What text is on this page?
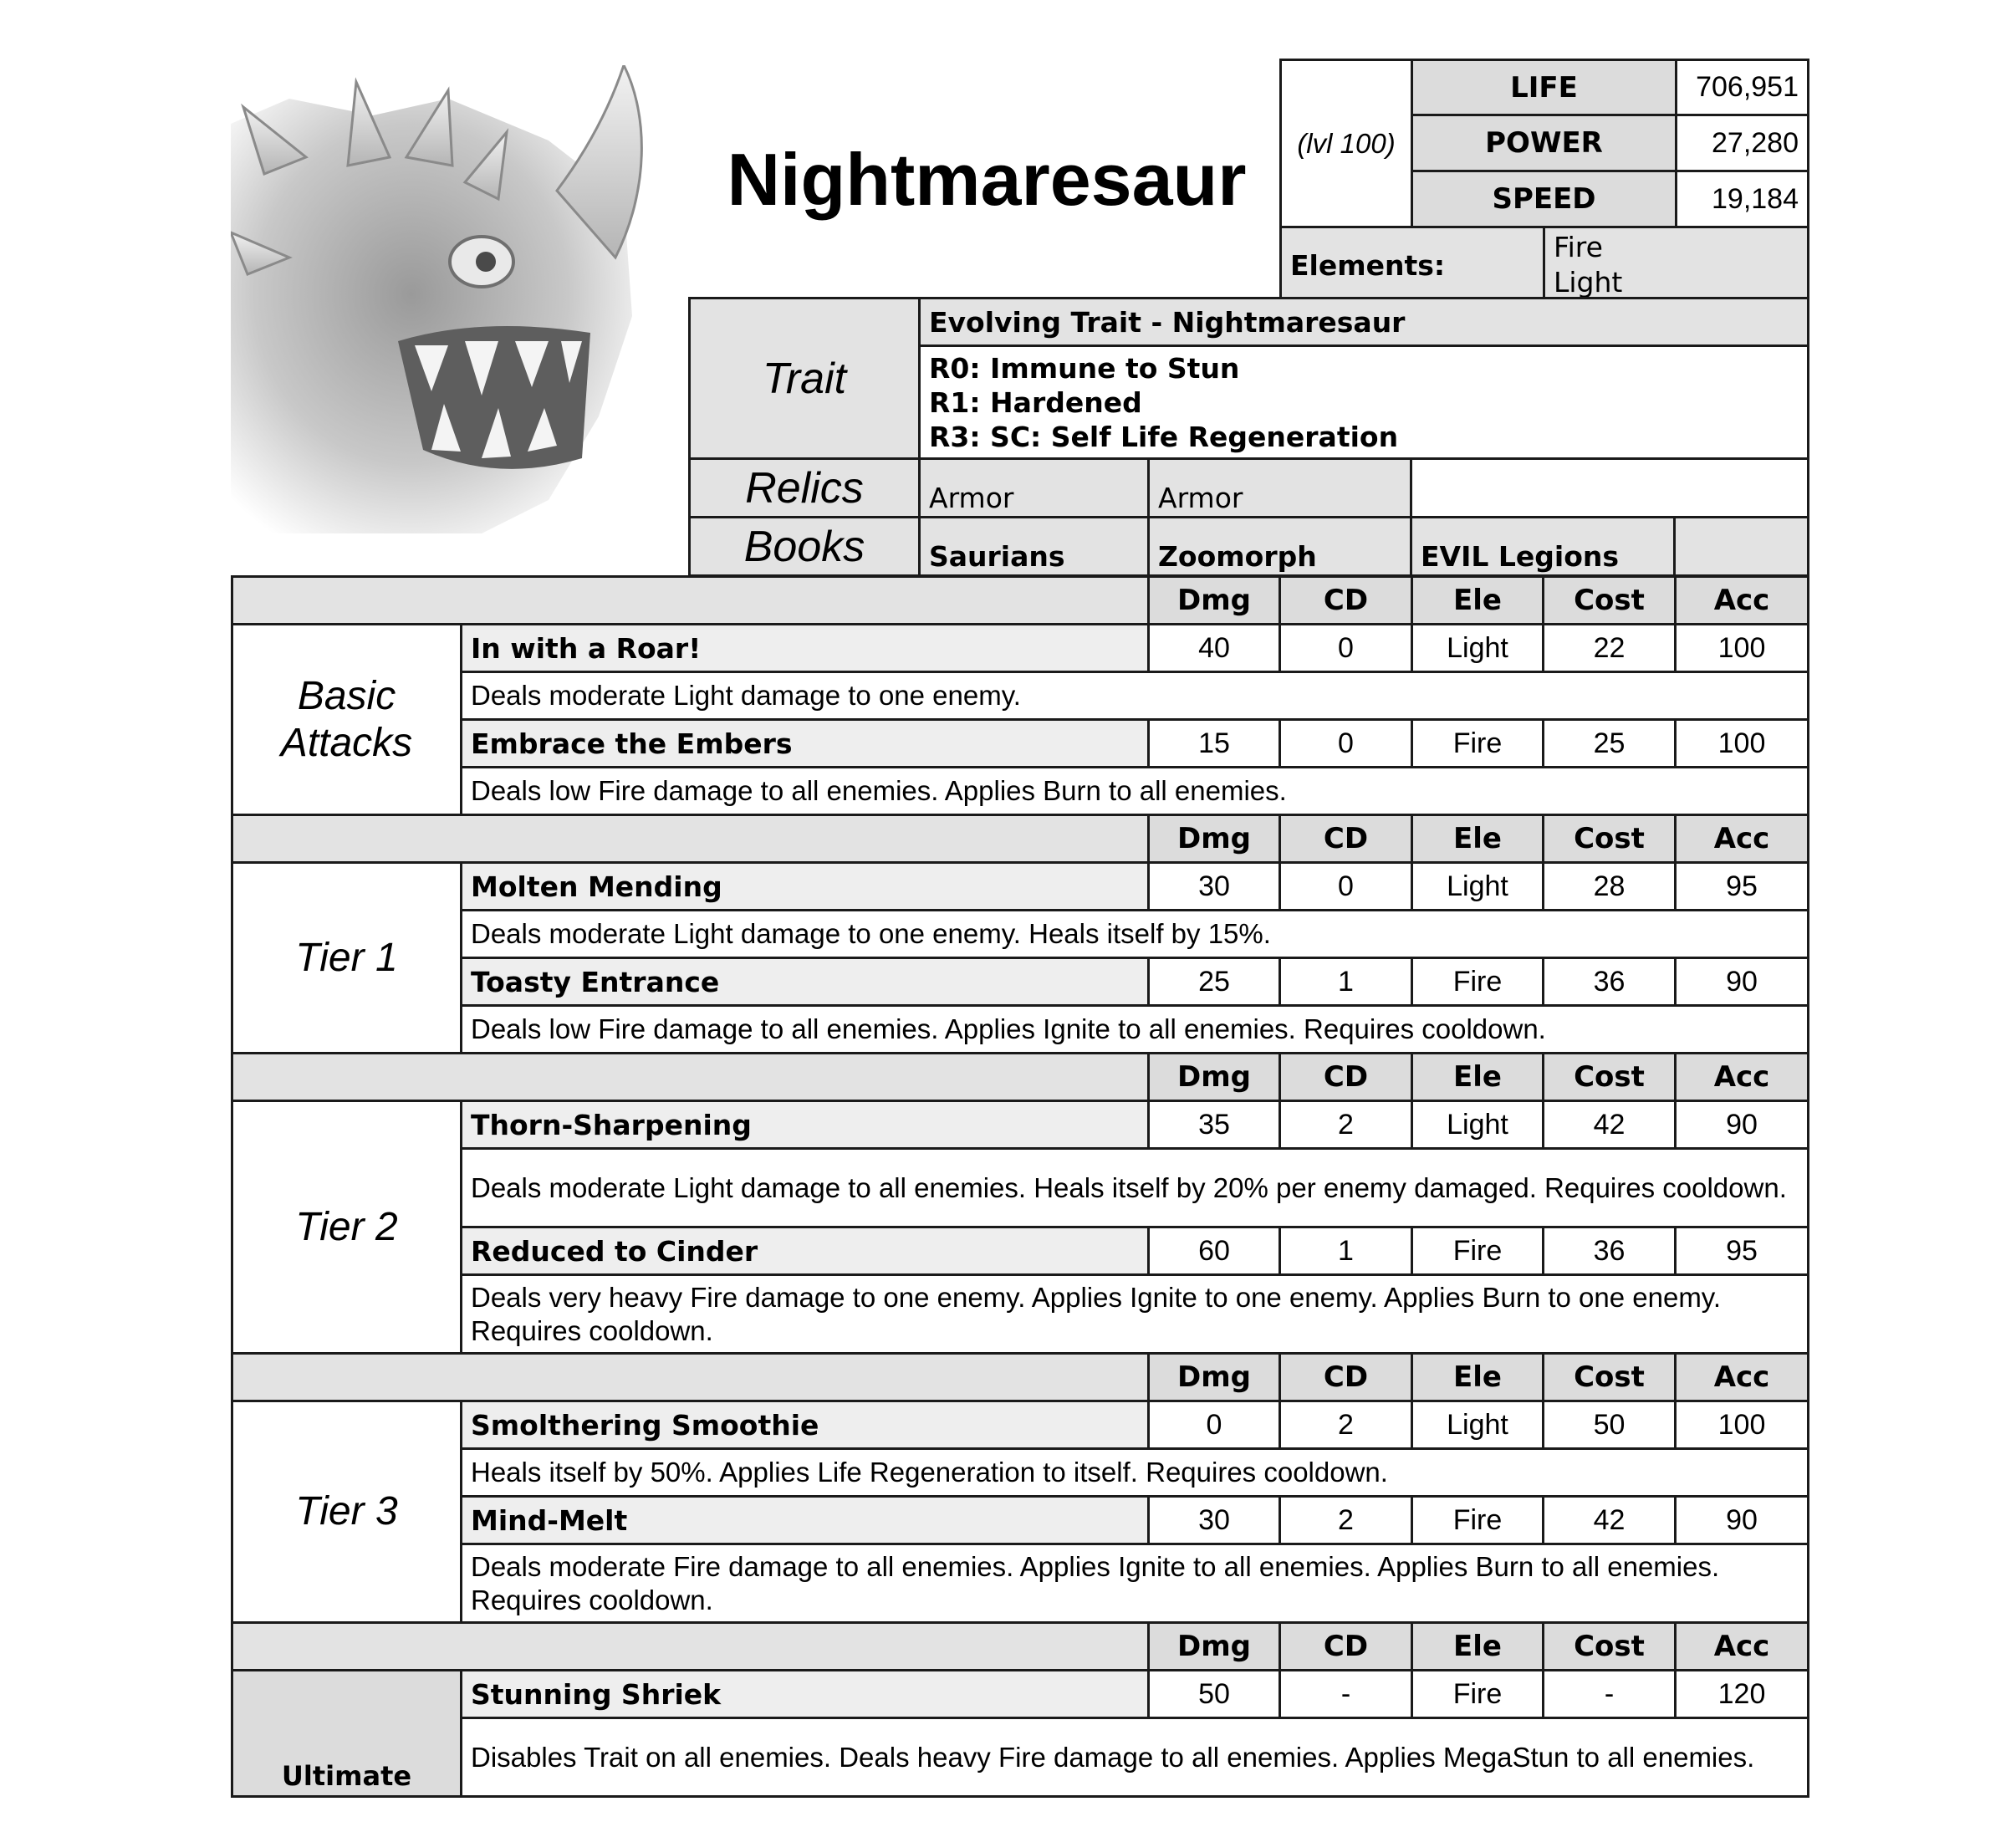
Nightmaresaur (lvl 100)	LIFE		706,951
	POWER		27,280
	SPEED		19,184
Elements:		Fire
Light	
Trait	Evolving Trait - Nightmaresaur			

	R0: Immune to Stun
R1: Hardened
R3: SC: Self Life Regeneration			

Relics	Armor	Armor		
Books	Saurians	Zoomorph	EVIL Legions	
		Dmg	CD	Ele	Cost	Acc

Basic
Attacks	In with a Roar!	40	0	Light	22	100
	Deals moderate Light damage to one enemy.					
	Embrace the Embers	15	0	Fire	25	100
	Deals low Fire damage to all enemies. Applies Burn to all enemies.					
		Dmg	CD	Ele	Cost	Acc
Tier 1	Molten Mending	30	0	Light	28	95
	Deals moderate Light damage to one enemy. Heals itself by 15%.					
	Toasty Entrance	25	1	Fire	36	90
	Deals low Fire damage to all enemies. Applies Ignite to all enemies. Requires cooldown.					
		Dmg	CD	Ele	Cost	Acc
Tier 2	Thorn-Sharpening	35	2	Light	42	90
	Deals moderate Light damage to all enemies. Heals itself by 20% per enemy damaged. Requires cooldown.					
	Reduced to Cinder	60	1	Fire	36	95
	Deals very heavy Fire damage to one enemy. Applies Ignite to one enemy. Applies Burn to one enemy. Requires cooldown.					
		Dmg	CD	Ele	Cost	Acc
Tier 3	Smolthering Smoothie	0	2	Light	50	100
	Heals itself by 50%. Applies Life Regeneration to itself. Requires cooldown.					
	Mind-Melt	30	2	Fire	42	90
	Deals moderate Fire damage to all enemies. Applies Ignite to all enemies. Applies Burn to all enemies. Requires cooldown.					
		Dmg	CD	Ele	Cost	Acc
Ultimate	Stunning Shriek	50	-	Fire	-	120
	Disables Trait on all enemies. Deals heavy Fire damage to all enemies. Applies MegaStun to all enemies.					
